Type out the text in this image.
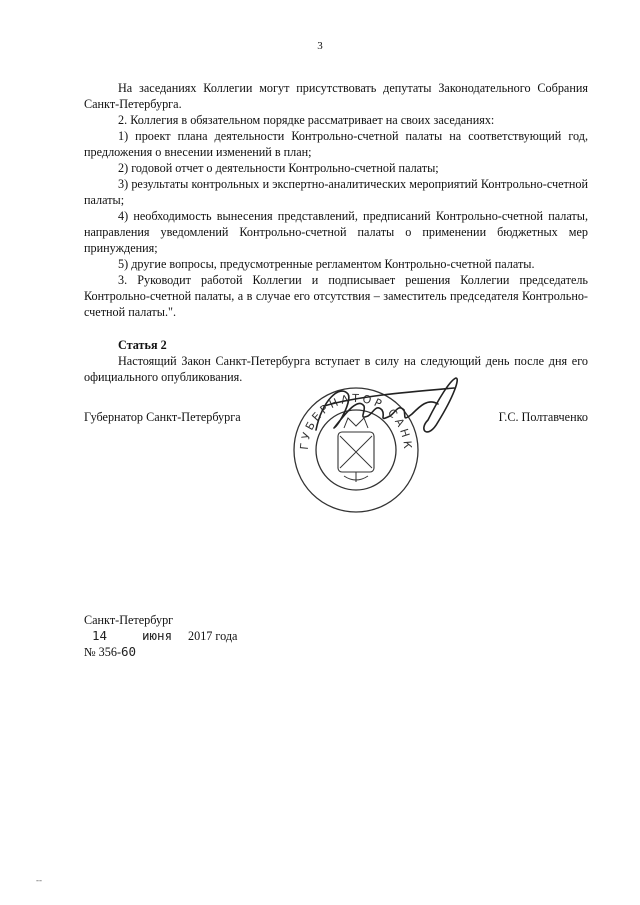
3

На заседаниях Коллегии могут присутствовать депутаты Законодательного Собрания Санкт-Петербурга.

2. Коллегия в обязательном порядке рассматривает на своих заседаниях:

1) проект плана деятельности Контрольно-счетной палаты на соответствующий год, предложения о внесении изменений в план;

2) годовой отчет о деятельности Контрольно-счетной палаты;

3) результаты контрольных и экспертно-аналитических мероприятий Контрольно-счетной палаты;

4) необходимость вынесения представлений, предписаний Контрольно-счетной палаты, направления уведомлений Контрольно-счетной палаты о применении бюджетных мер принуждения;

5) другие вопросы, предусмотренные регламентом Контрольно-счетной палаты.

3. Руководит работой Коллегии и подписывает решения Коллегии председатель Контрольно-счетной палаты, а в случае его отсутствия – заместитель председателя Контрольно-счетной палаты.".

Статья 2

Настоящий Закон Санкт-Петербурга вступает в силу на следующий день после дня его официального опубликования.

ГУБЕРНАТОР САНК
Губернатор Санкт-Петербурга	Г.С. Полтавченко
Санкт-Петербург
14	июня 2017 года
№ 356-60
--
